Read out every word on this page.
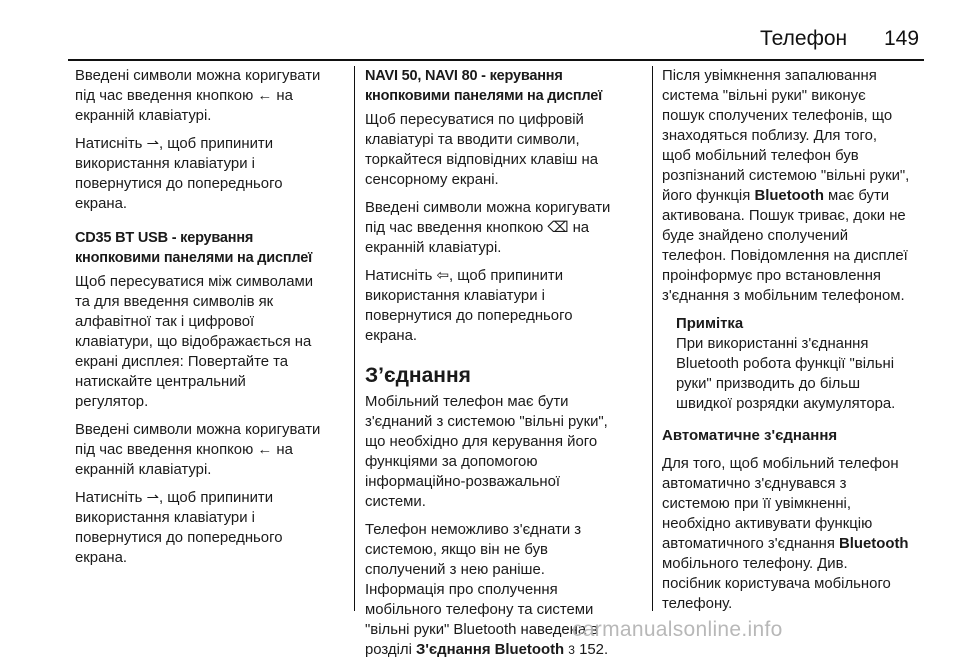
Телефон 149

Введені символи можна коригувати
під час введення кнопкою ← на
екранній клавіатурі.

Натисніть ⇀, щоб припинити
використання клавіатури і
повернутися до попереднього
екрана.

CD35 BT USB - керування
кнопковими панелями на дисплеї

Щоб пересуватися між символами
та для введення символів як
алфавітної так і цифрової
клавіатури, що відображається на
екрані дисплея: Повертайте та
натискайте центральний
регулятор.

Введені символи можна коригувати
під час введення кнопкою ← на
екранній клавіатурі.

Натисніть ⇀, щоб припинити
використання клавіатури і
повернутися до попереднього
екрана.

NAVI 50, NAVI 80 - керування
кнопковими панелями на дисплеї

Щоб пересуватися по цифровій
клавіатурі та вводити символи,
торкайтеся відповідних клавіш на
сенсорному екрані.

Введені символи можна коригувати
під час введення кнопкою ⌫ на
екранній клавіатурі.

Натисніть ⇦, щоб припинити
використання клавіатури і
повернутися до попереднього
екрана.

З’єднання

Мобільний телефон має бути
з'єднаний з системою "вільні руки",
що необхідно для керування його
функціями за допомогою
інформаційно-розважальної
системи.

Телефон неможливо з'єднати з
системою, якщо він не був
сполучений з нею раніше.
Інформація про сполучення
мобільного телефону та системи
"вільні руки" Bluetooth наведена в
розділі З'єднання Bluetooth 3 152.

Після увімкнення запалювання
система "вільні руки" виконує
пошук сполучених телефонів, що
знаходяться поблизу. Для того,
щоб мобільний телефон був
розпізнаний системою "вільні руки",
його функція Bluetooth має бути
активована. Пошук триває, доки не
буде знайдено сполучений
телефон. Повідомлення на дисплеї
проінформує про встановлення
з'єднання з мобільним телефоном.

Примітка
При використанні з'єднання
Bluetooth робота функції "вільні
руки" призводить до більш
швидкої розрядки акумулятора.
Автоматичне з'єднання

Для того, щоб мобільний телефон
автоматично з'єднувався з
системою при її увімкненні,
необхідно активувати функцію
автоматичного з'єднання Bluetooth
мобільного телефону. Див.
посібник користувача мобільного
телефону.

carmanualsonline.info
